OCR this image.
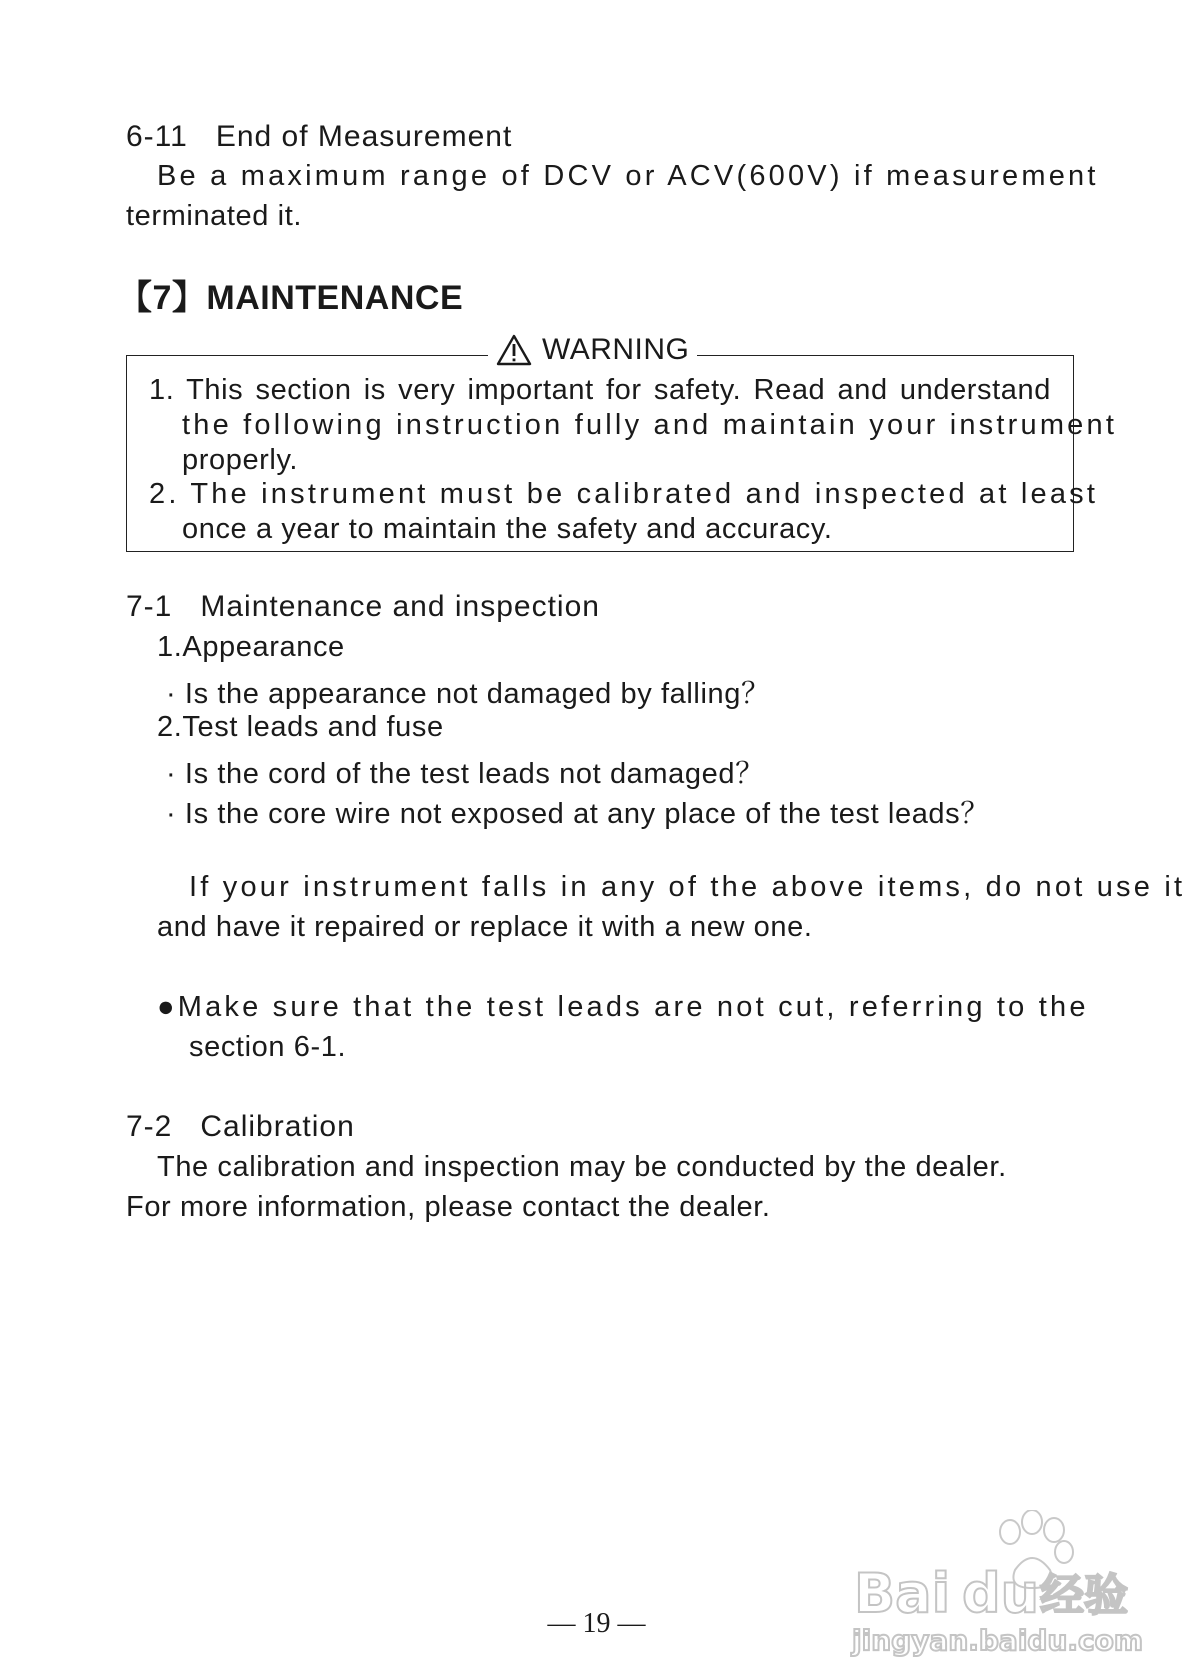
6-11   End of Measurement
Be a maximum range of DCV or ACV(600V) if measurement
terminated it.
【7】MAINTENANCE
WARNING
1. This section is very important for safety. Read and understand
the following instruction fully and maintain your instrument
properly.
2. The instrument must be calibrated and inspected at least
once a year to maintain the safety and accuracy.
7-1   Maintenance and inspection
1.Appearance
· Is the appearance not damaged by falling？
2.Test leads and fuse
· Is the cord of the test leads not damaged？
· Is the core wire not exposed at any place of the test leads？
If your instrument falls in any of the above items, do not use it
and have it repaired or replace it with a new one.
●Make sure that the test leads are not cut, referring to the
section 6-1.
7-2   Calibration
The calibration and inspection may be conducted by the dealer.
For more information, please contact the dealer.
— 19 —	Bai du 经验
jingyan.baidu.com
